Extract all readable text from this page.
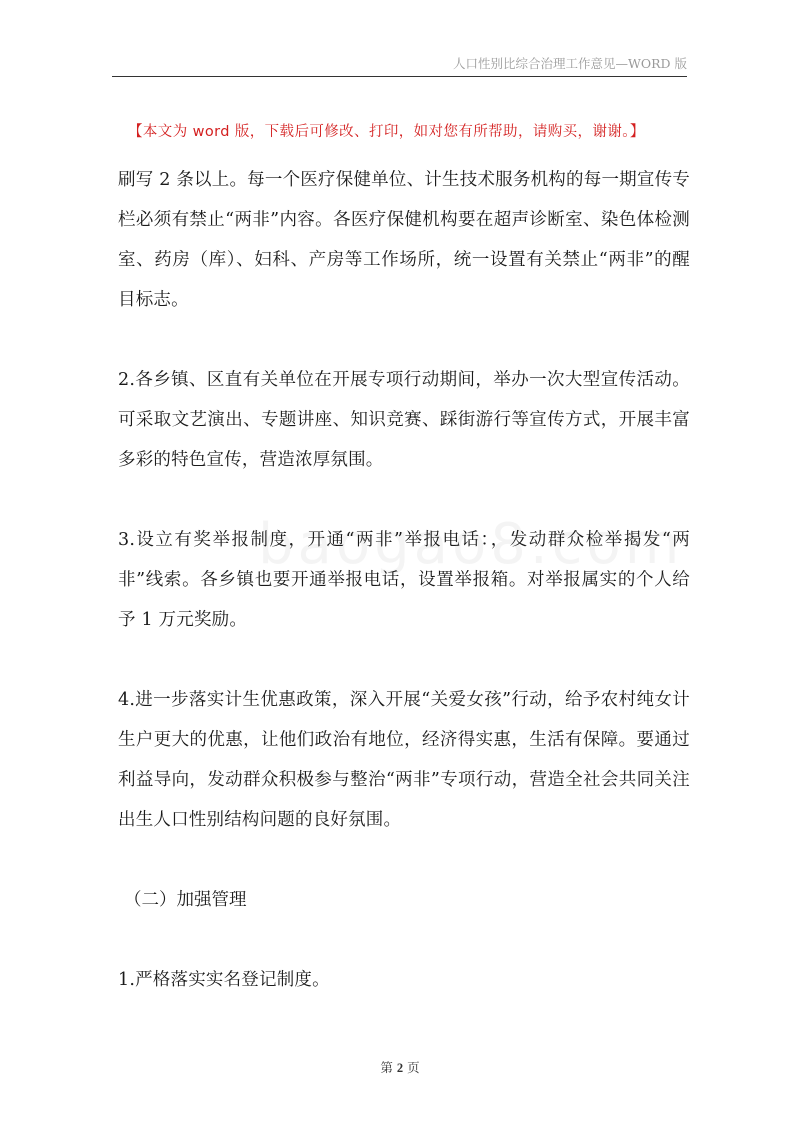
人口性别比综合治理工作意见—WORD 版
【本文为 word 版，下载后可修改、打印，如对您有所帮助，请购买，谢谢。】

刷写 2 条以上。每一个医疗保健单位、计生技术服务机构的每一期宣传专栏必须有禁止“两非”内容。各医疗保健机构要在超声诊断室、染色体检测室、药房（库）、妇科、产房等工作场所，统一设置有关禁止“两非”的醒目标志。

2.各乡镇、区直有关单位在开展专项行动期间，举办一次大型宣传活动。可采取文艺演出、专题讲座、知识竞赛、踩街游行等宣传方式，开展丰富多彩的特色宣传，营造浓厚氛围。

3.设立有奖举报制度，开通“两非”举报电话：，发动群众检举揭发“两非”线索。各乡镇也要开通举报电话，设置举报箱。对举报属实的个人给予 1 万元奖励。

4.进一步落实计生优惠政策，深入开展“关爱女孩”行动，给予农村纯女计生户更大的优惠，让他们政治有地位，经济得实惠，生活有保障。要通过利益导向，发动群众积极参与整治“两非”专项行动，营造全社会共同关注出生人口性别结构问题的良好氛围。

（二）加强管理

1.严格落实实名登记制度。

第 2 页
